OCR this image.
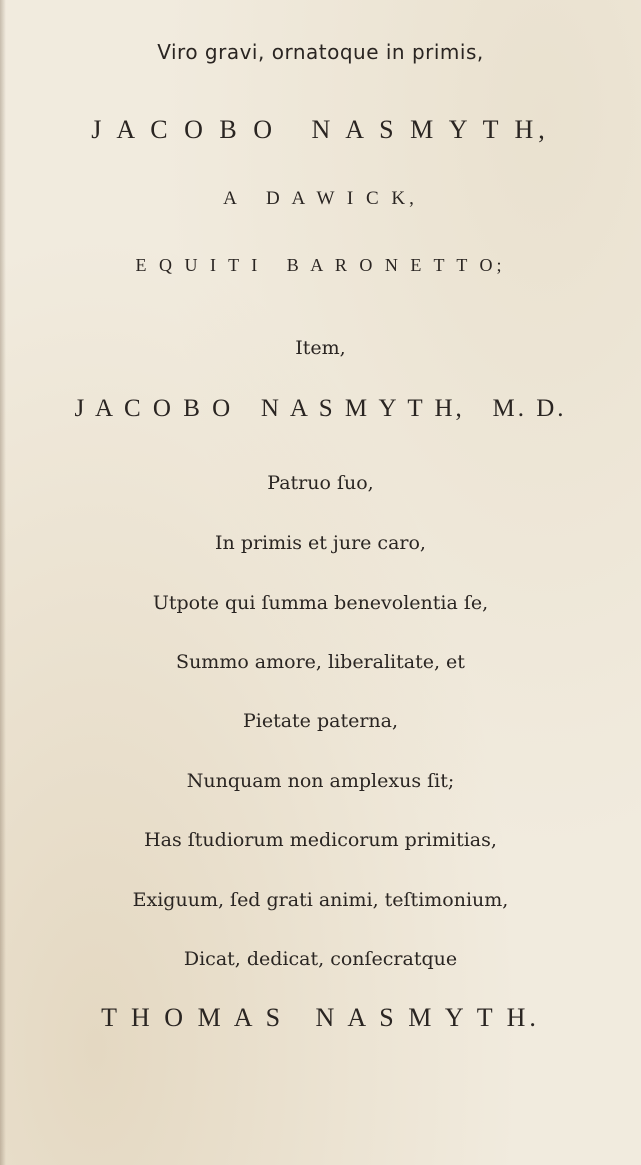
Viro gravi, ornatoque in primis,
J A C O B O   N A S M Y T H,
A   D A W I C K,
E Q U I T I   B A R O N E T T O;
Item,
J A C O B O   N A S M Y T H,   M. D.
Patruo ſuo,
In primis et jure caro,
Utpote qui ſumma benevolentia ſe,
Summo amore, liberalitate, et
Pietate paterna,
Nunquam non amplexus ſit;
Has ſtudiorum medicorum primitias,
Exiguum, ſed grati animi, teſtimonium,
Dicat, dedicat, conſecratque
T H O M A S   N A S M Y T H.
